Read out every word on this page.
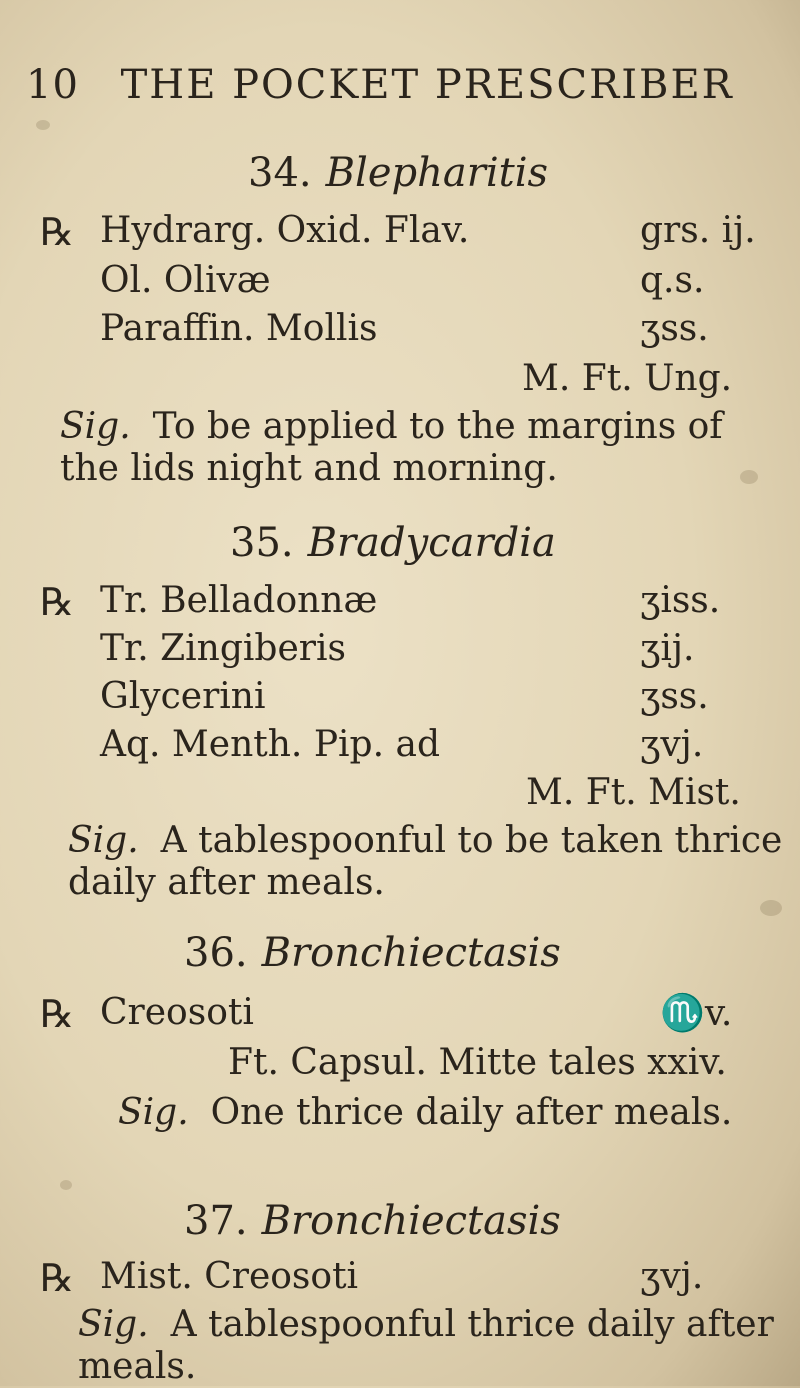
10 THE POCKET PRESCRIBER
34. Blepharitis
℞ Hydrarg. Oxid. Flav.	grs. ij.
Ol. Olivæ	q.s.
Paraffin. Mollis	ʒss.
M. Ft. Ung.
Sig. To be applied to the margins of the lids night and morning.
35. Bradycardia
℞ Tr. Belladonnæ	ʒiss.
Tr. Zingiberis	ʒij.
Glycerini	ʒss.
Aq. Menth. Pip. ad	ʒvj.
M. Ft. Mist.
Sig. A tablespoonful to be taken thrice daily after meals.
36. Bronchiectasis
℞ Creosoti	♏v.
Ft. Capsul. Mitte tales xxiv.
Sig. One thrice daily after meals.
37. Bronchiectasis
℞ Mist. Creosoti	ʒvj.
Sig. A tablespoonful thrice daily after meals.
